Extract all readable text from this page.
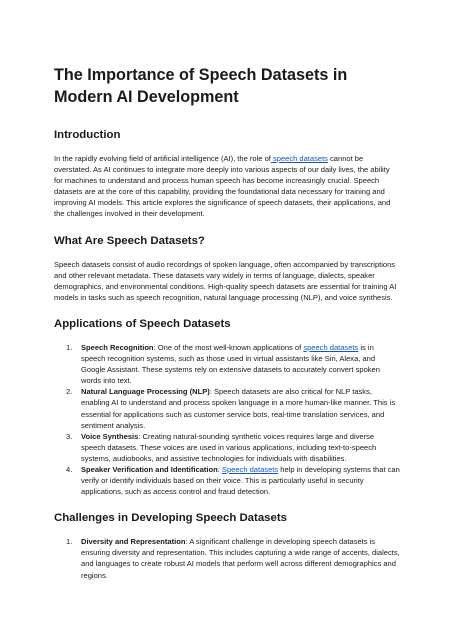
The Importance of Speech Datasets in Modern AI Development
Introduction

In the rapidly evolving field of artificial intelligence (AI), the role of speech datasets cannot be overstated. As AI continues to integrate more deeply into various aspects of our daily lives, the ability for machines to understand and process human speech has become increasingly crucial. Speech datasets are at the core of this capability, providing the foundational data necessary for training and improving AI models. This article explores the significance of speech datasets, their applications, and the challenges involved in their development.

What Are Speech Datasets?

Speech datasets consist of audio recordings of spoken language, often accompanied by transcriptions and other relevant metadata. These datasets vary widely in terms of language, dialects, speaker demographics, and environmental conditions. High-quality speech datasets are essential for training AI models in tasks such as speech recognition, natural language processing (NLP), and voice synthesis.

Applications of Speech Datasets
1. Speech Recognition: One of the most well-known applications of speech datasets is in speech recognition systems, such as those used in virtual assistants like Siri, Alexa, and Google Assistant. These systems rely on extensive datasets to accurately convert spoken words into text.
2. Natural Language Processing (NLP): Speech datasets are also critical for NLP tasks, enabling AI to understand and process spoken language in a more human-like manner. This is essential for applications such as customer service bots, real-time translation services, and sentiment analysis.
3. Voice Synthesis: Creating natural-sounding synthetic voices requires large and diverse speech datasets. These voices are used in various applications, including text-to-speech systems, audiobooks, and assistive technologies for individuals with disabilities.
4. Speaker Verification and Identification: Speech datasets help in developing systems that can verify or identify individuals based on their voice. This is particularly useful in security applications, such as access control and fraud detection.
Challenges in Developing Speech Datasets
1. Diversity and Representation: A significant challenge in developing speech datasets is ensuring diversity and representation. This includes capturing a wide range of accents, dialects, and languages to create robust AI models that perform well across different demographics and regions.
